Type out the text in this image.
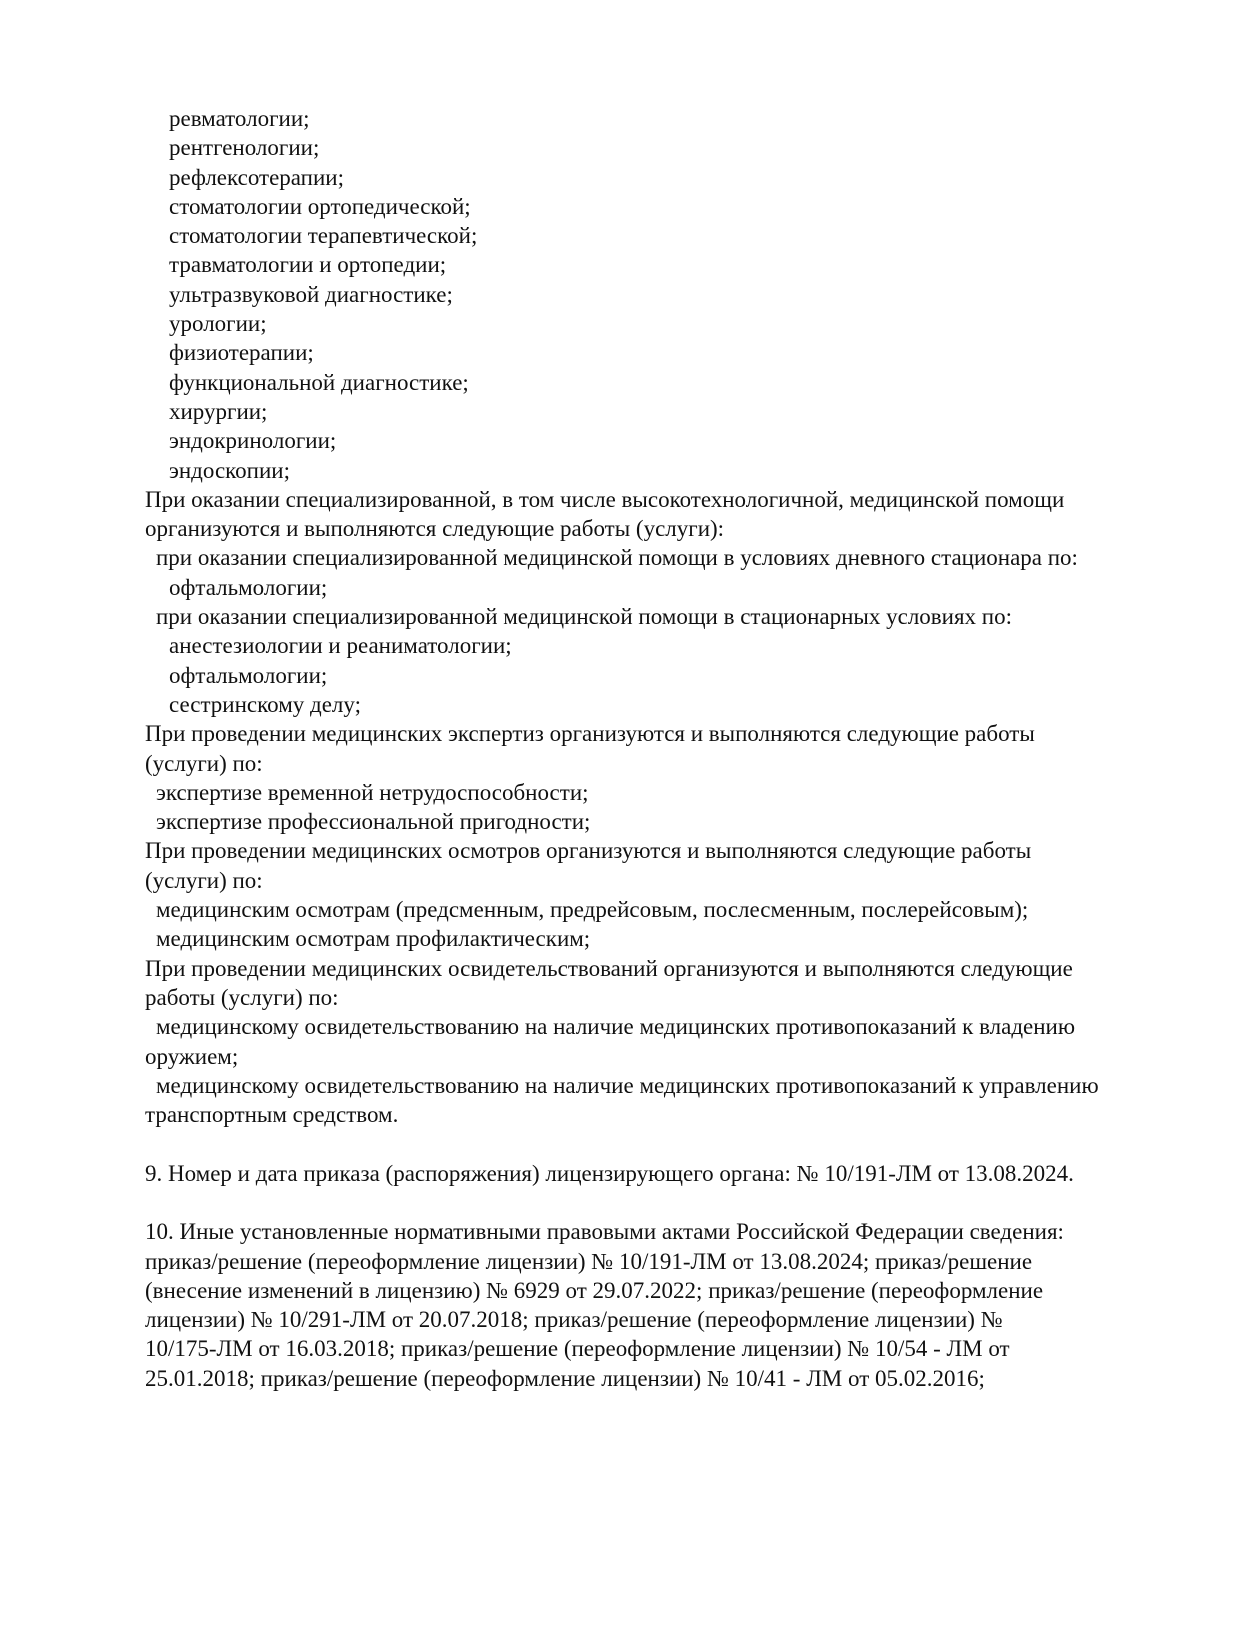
ревматологии;
рентгенологии;
рефлексотерапии;
стоматологии ортопедической;
стоматологии терапевтической;
травматологии и ортопедии;
ультразвуковой диагностике;
урологии;
физиотерапии;
функциональной диагностике;
хирургии;
эндокринологии;
эндоскопии;
При оказании специализированной, в том числе высокотехнологичной, медицинской помощи
организуются и выполняются следующие работы (услуги):
при оказании специализированной медицинской помощи в условиях дневного стационара по:
офтальмологии;
при оказании специализированной медицинской помощи в стационарных условиях по:
анестезиологии и реаниматологии;
офтальмологии;
сестринскому делу;
При проведении медицинских экспертиз организуются и выполняются следующие работы
(услуги) по:
экспертизе временной нетрудоспособности;
экспертизе профессиональной пригодности;
При проведении медицинских осмотров организуются и выполняются следующие работы
(услуги) по:
медицинским осмотрам (предсменным, предрейсовым, послесменным, послерейсовым);
медицинским осмотрам профилактическим;
При проведении медицинских освидетельствований организуются и выполняются следующие
работы (услуги) по:
медицинскому освидетельствованию на наличие медицинских противопоказаний к владению
оружием;
медицинскому освидетельствованию на наличие медицинских противопоказаний к управлению
транспортным средством.
9. Номер и дата приказа (распоряжения) лицензирующего органа: № 10/191-ЛМ от 13.08.2024.
10. Иные установленные нормативными правовыми актами Российской Федерации сведения:
приказ/решение (переоформление лицензии) № 10/191-ЛМ от 13.08.2024; приказ/решение
(внесение изменений в лицензию) № 6929 от 29.07.2022; приказ/решение (переоформление
лицензии) № 10/291-ЛМ от 20.07.2018; приказ/решение (переоформление лицензии) №
10/175-ЛМ от 16.03.2018; приказ/решение (переоформление лицензии) № 10/54 - ЛМ от
25.01.2018; приказ/решение (переоформление лицензии) № 10/41 - ЛМ от 05.02.2016;
